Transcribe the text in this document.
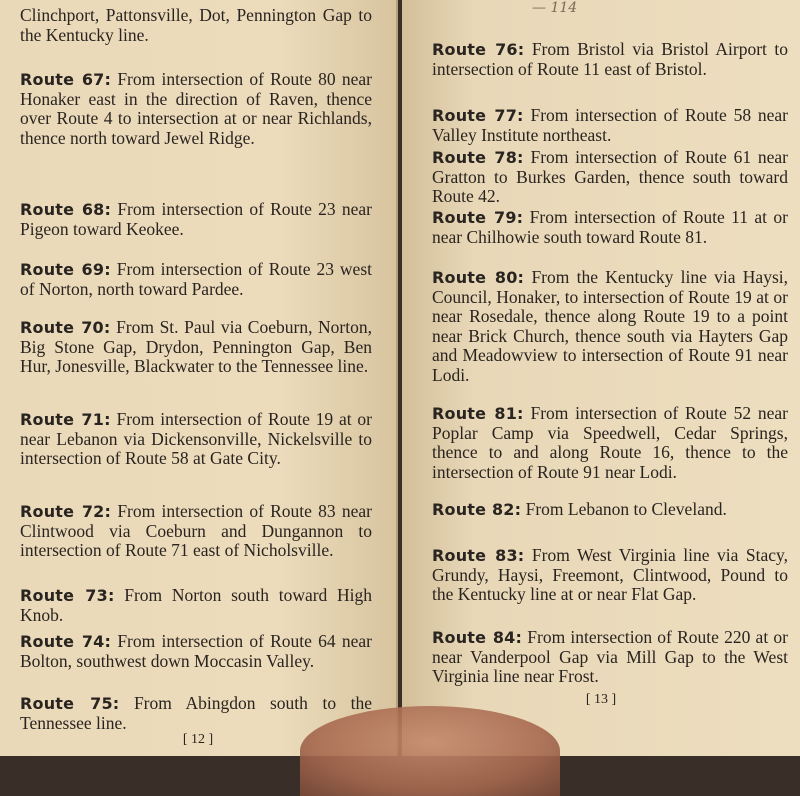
Clinchport, Pattonsville, Dot, Pennington Gap to the Kentucky line.
Route 67: From intersection of Route 80 near Honaker east in the direction of Raven, thence over Route 4 to intersection at or near Richlands, thence north toward Jewel Ridge.
Route 68: From intersection of Route 23 near Pigeon toward Keokee.
Route 69: From intersection of Route 23 west of Norton, north toward Pardee.
Route 70: From St. Paul via Coeburn, Norton, Big Stone Gap, Drydon, Pennington Gap, Ben Hur, Jonesville, Blackwater to the Tennessee line.
Route 71: From intersection of Route 19 at or near Lebanon via Dickensonville, Nickelsville to intersection of Route 58 at Gate City.
Route 72: From intersection of Route 83 near Clintwood via Coeburn and Dungannon to intersection of Route 71 east of Nicholsville.
Route 73: From Norton south toward High Knob.
Route 74: From intersection of Route 64 near Bolton, southwest down Moccasin Valley.
Route 75: From Abingdon south to the Tennessee line.
[ 12 ]
— 114
Route 76: From Bristol via Bristol Airport to intersection of Route 11 east of Bristol.
Route 77: From intersection of Route 58 near Valley Institute northeast.
Route 78: From intersection of Route 61 near Gratton to Burkes Garden, thence south toward Route 42.
Route 79: From intersection of Route 11 at or near Chilhowie south toward Route 81.
Route 80: From the Kentucky line via Haysi, Council, Honaker, to intersection of Route 19 at or near Rosedale, thence along Route 19 to a point near Brick Church, thence south via Hayters Gap and Meadowview to intersection of Route 91 near Lodi.
Route 81: From intersection of Route 52 near Poplar Camp via Speedwell, Cedar Springs, thence to and along Route 16, thence to the intersection of Route 91 near Lodi.
Route 82: From Lebanon to Cleveland.
Route 83: From West Virginia line via Stacy, Grundy, Haysi, Freemont, Clintwood, Pound to the Kentucky line at or near Flat Gap.
Route 84: From intersection of Route 220 at or near Vanderpool Gap via Mill Gap to the West Virginia line near Frost.
[ 13 ]
